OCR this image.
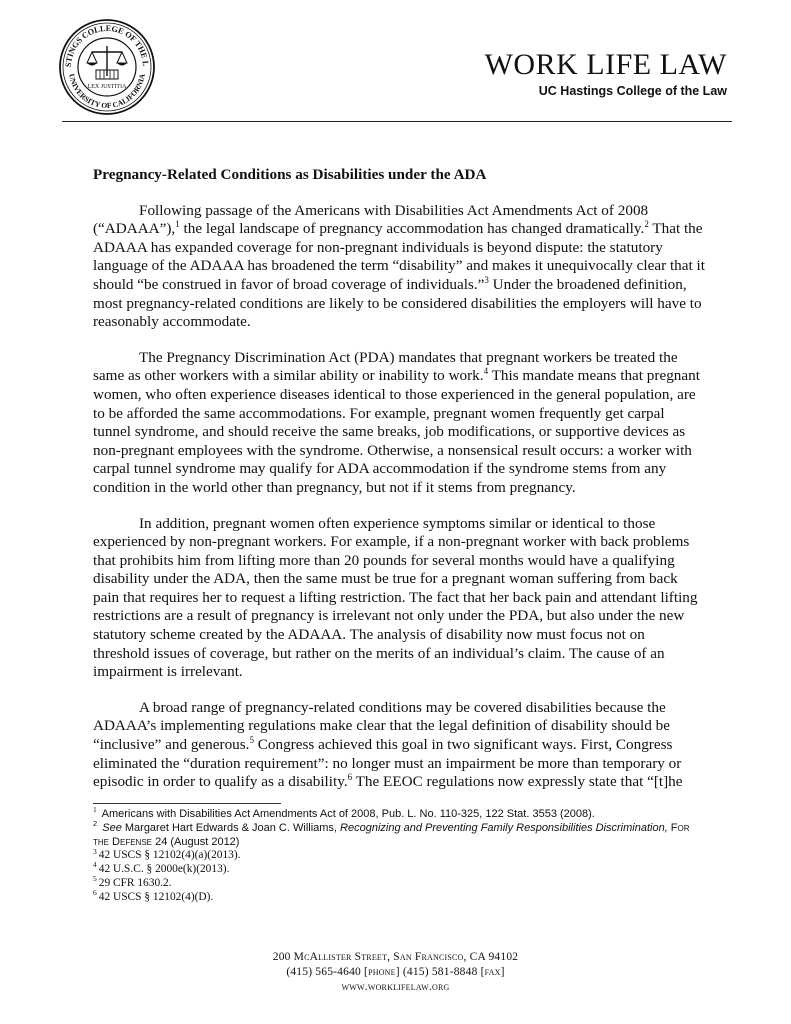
STINGS COLLEGE OF THE L
UNIVERSITY OF CALIFORNIA
LEX JUSTITIA
WORK LIFE LAW
UC Hastings College of the Law

Pregnancy-Related Conditions as Disabilities under the ADA

Following passage of the Americans with Disabilities Act Amendments Act of 2008 (“ADAAA”),$^1$ the legal landscape of pregnancy accommodation has changed dramatically.$^2$ That the ADAAA has expanded coverage for non-pregnant individuals is beyond dispute: the statutory language of the ADAAA has broadened the term “disability” and makes it unequivocally clear that it should “be construed in favor of broad coverage of individuals.”$^3$ Under the broadened definition, most pregnancy-related conditions are likely to be considered disabilities the employers will have to reasonably accommodate.

The Pregnancy Discrimination Act (PDA) mandates that pregnant workers be treated the same as other workers with a similar ability or inability to work.$^4$ This mandate means that pregnant women, who often experience diseases identical to those experienced in the general population, are to be afforded the same accommodations. For example, pregnant women frequently get carpal tunnel syndrome, and should receive the same breaks, job modifications, or supportive devices as non-pregnant employees with the syndrome. Otherwise, a nonsensical result occurs: a worker with carpal tunnel syndrome may qualify for ADA accommodation if the syndrome stems from any condition in the world other than pregnancy, but not if it stems from pregnancy.

In addition, pregnant women often experience symptoms similar or identical to those experienced by non-pregnant workers. For example, if a non-pregnant worker with back problems that prohibits him from lifting more than 20 pounds for several months would have a qualifying disability under the ADA, then the same must be true for a pregnant woman suffering from back pain that requires her to request a lifting restriction. The fact that her back pain and attendant lifting restrictions are a result of pregnancy is irrelevant not only under the PDA, but also under the new statutory scheme created by the ADAAA. The analysis of disability now must focus not on threshold issues of coverage, but rather on the merits of an individual’s claim. The cause of an impairment is irrelevant.

A broad range of pregnancy-related conditions may be covered disabilities because the ADAAA’s implementing regulations make clear that the legal definition of disability should be “inclusive” and generous.$^5$ Congress achieved this goal in two significant ways. First, Congress eliminated the “duration requirement”: no longer must an impairment be more than temporary or episodic in order to qualify as a disability.$^6$ The EEOC regulations now expressly state that “[t]he

$^1$ Americans with Disabilities Act Amendments Act of 2008, Pub. L. No. 110-325, 122 Stat. 3553 (2008).

$^2$ See Margaret Hart Edwards & Joan C. Williams, Recognizing and Preventing Family Responsibilities Discrimination, For the Defense 24 (August 2012)

$^3$ 42 USCS § 12102(4)(a)(2013).

$^4$ 42 U.S.C. § 2000e(k)(2013).

$^5$ 29 CFR 1630.2.

$^6$ 42 USCS § 12102(4)(D).

200 McAllister Street, San Francisco, CA 94102
(415) 565-4640 [phone] (415) 581-8848 [fax]
www.worklifelaw.org
